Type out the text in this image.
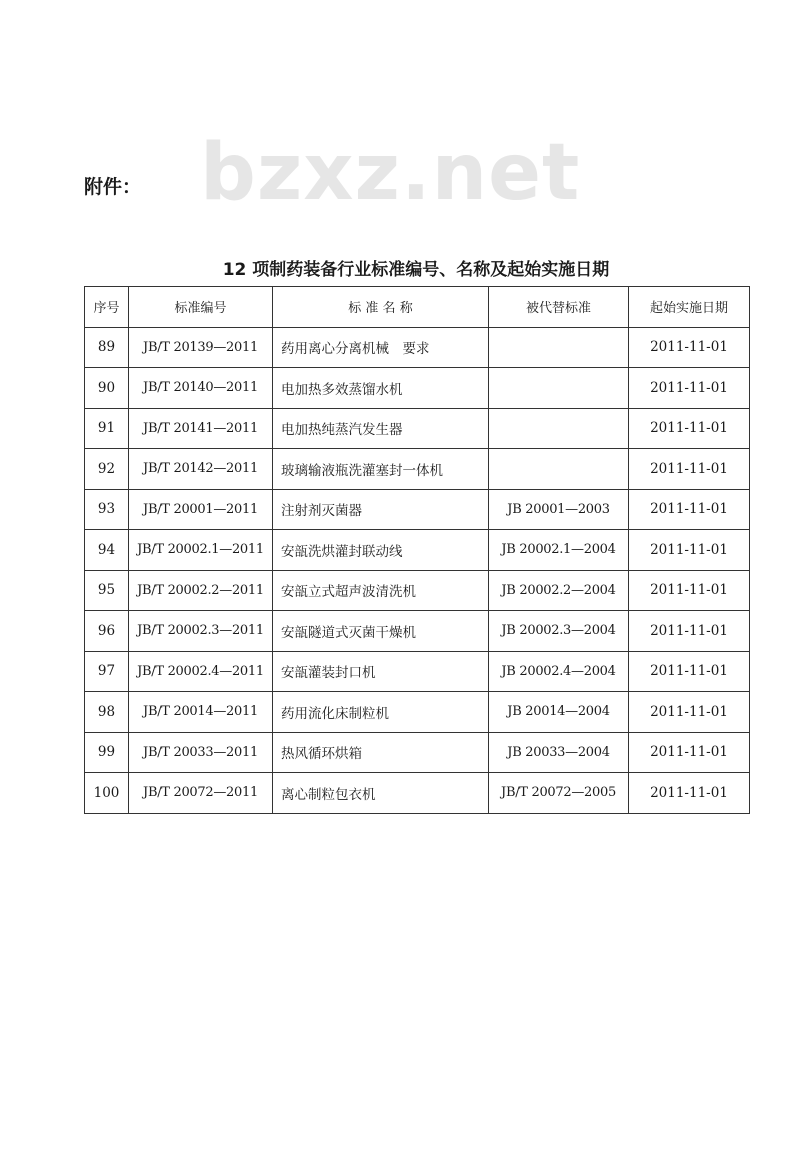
bzxz.net
附件：
12 项制药装备行业标准编号、名称及起始实施日期
序号	标准编号	标 准 名 称	被代替标准	起始实施日期
89	JB/T 20139—2011	药用离心分离机械　要求		2011-11-01
90	JB/T 20140—2011	电加热多效蒸馏水机		2011-11-01
91	JB/T 20141—2011	电加热纯蒸汽发生器		2011-11-01
92	JB/T 20142—2011	玻璃输液瓶洗灌塞封一体机		2011-11-01
93	JB/T 20001—2011	注射剂灭菌器	JB 20001—2003	2011-11-01
94	JB/T 20002.1—2011	安瓿洗烘灌封联动线	JB 20002.1—2004	2011-11-01
95	JB/T 20002.2—2011	安瓿立式超声波清洗机	JB 20002.2—2004	2011-11-01
96	JB/T 20002.3—2011	安瓿隧道式灭菌干燥机	JB 20002.3—2004	2011-11-01
97	JB/T 20002.4—2011	安瓿灌装封口机	JB 20002.4—2004	2011-11-01
98	JB/T 20014—2011	药用流化床制粒机	JB 20014—2004	2011-11-01
99	JB/T 20033—2011	热风循环烘箱	JB 20033—2004	2011-11-01
100	JB/T 20072—2011	离心制粒包衣机	JB/T 20072—2005	2011-11-01
